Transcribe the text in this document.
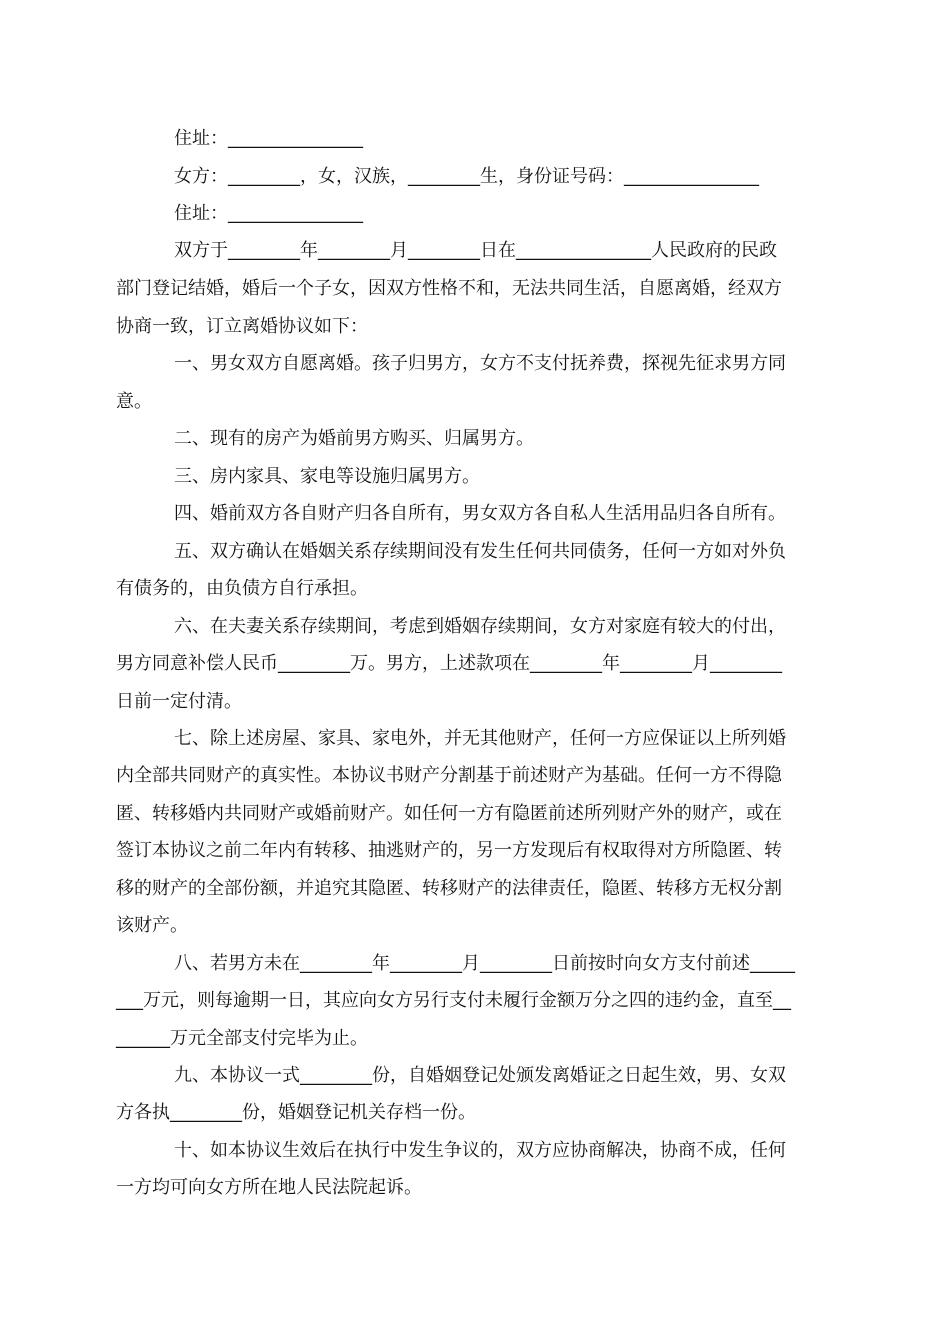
住址：_______________
女方：________，女，汉族，________生，身份证号码：_______________
住址：_______________
双方于________年________月________日在_______________人民政府的民政
部门登记结婚，婚后一个子女，因双方性格不和，无法共同生活，自愿离婚，经双方
协商一致，订立离婚协议如下：
一、男女双方自愿离婚。孩子归男方，女方不支付抚养费，探视先征求男方同
意。
二、现有的房产为婚前男方购买、归属男方。
三、房内家具、家电等设施归属男方。
四、婚前双方各自财产归各自所有，男女双方各自私人生活用品归各自所有。
五、双方确认在婚姻关系存续期间没有发生任何共同债务，任何一方如对外负
有债务的，由负债方自行承担。
六、在夫妻关系存续期间，考虑到婚姻存续期间，女方对家庭有较大的付出，
男方同意补偿人民币________万。男方，上述款项在________年________月________
日前一定付清。
七、除上述房屋、家具、家电外，并无其他财产，任何一方应保证以上所列婚
内全部共同财产的真实性。本协议书财产分割基于前述财产为基础。任何一方不得隐
匿、转移婚内共同财产或婚前财产。如任何一方有隐匿前述所列财产外的财产，或在
签订本协议之前二年内有转移、抽逃财产的，另一方发现后有权取得对方所隐匿、转
移的财产的全部份额，并追究其隐匿、转移财产的法律责任，隐匿、转移方无权分割
该财产。
八、若男方未在________年________月________日前按时向女方支付前述_____
___万元，则每逾期一日，其应向女方另行支付未履行金额万分之四的违约金，直至__
______万元全部支付完毕为止。
九、本协议一式________份，自婚姻登记处颁发离婚证之日起生效，男、女双
方各执________份，婚姻登记机关存档一份。
十、如本协议生效后在执行中发生争议的，双方应协商解决，协商不成，任何
一方均可向女方所在地人民法院起诉。
